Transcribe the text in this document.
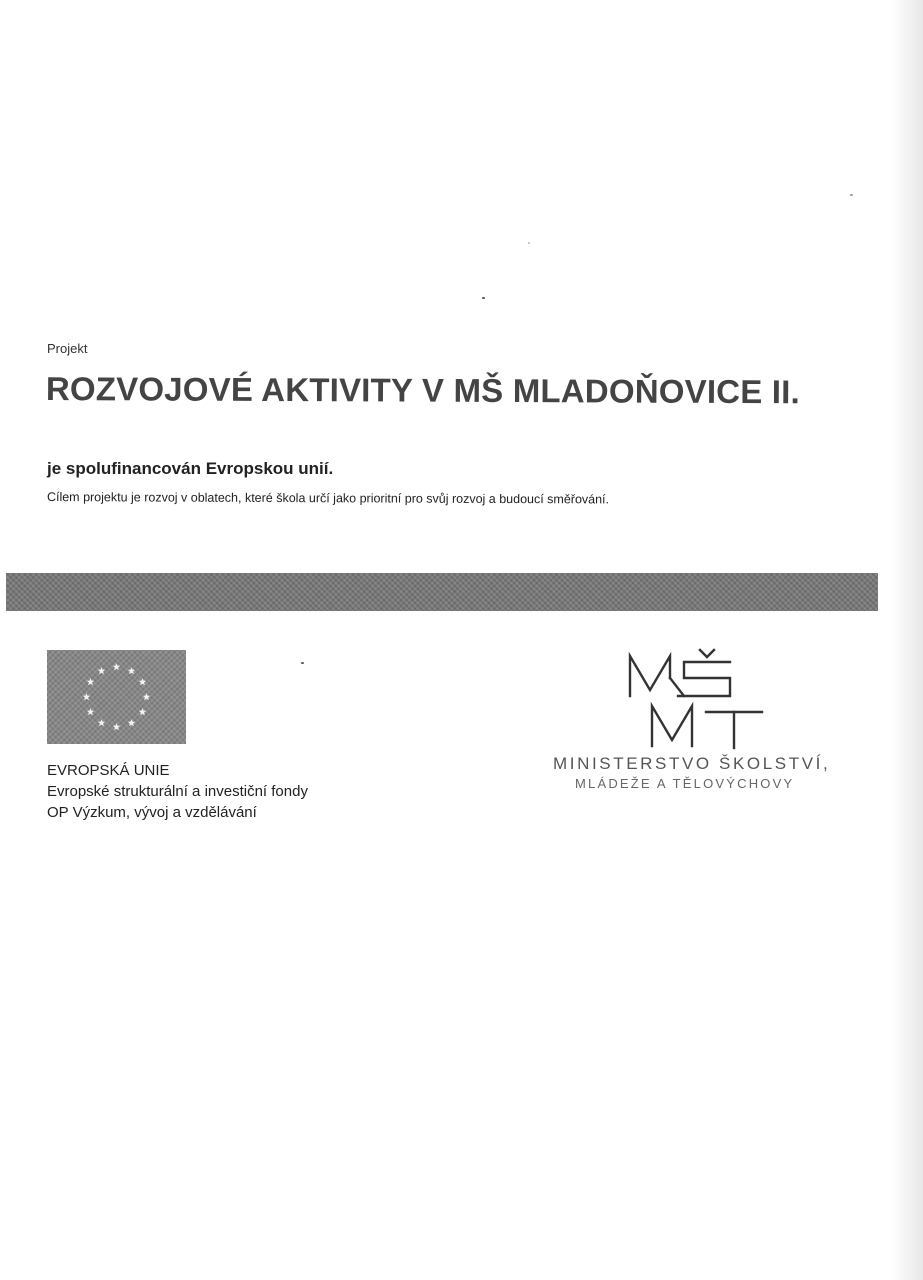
Projekt
ROZVOJOVÉ AKTIVITY V MŠ MLADOŇOVICE II.
je spolufinancován Evropskou unií.
Cílem projektu je rozvoj v oblatech, které škola určí jako prioritní pro svůj rozvoj a budoucí směřování.
EVROPSKÁ UNIE
Evropské strukturální a investiční fondy
OP Výzkum, vývoj a vzdělávání
MINISTERSTVO ŠKOLSTVÍ,
MLÁDEŽE A TĚLOVÝCHOVY
